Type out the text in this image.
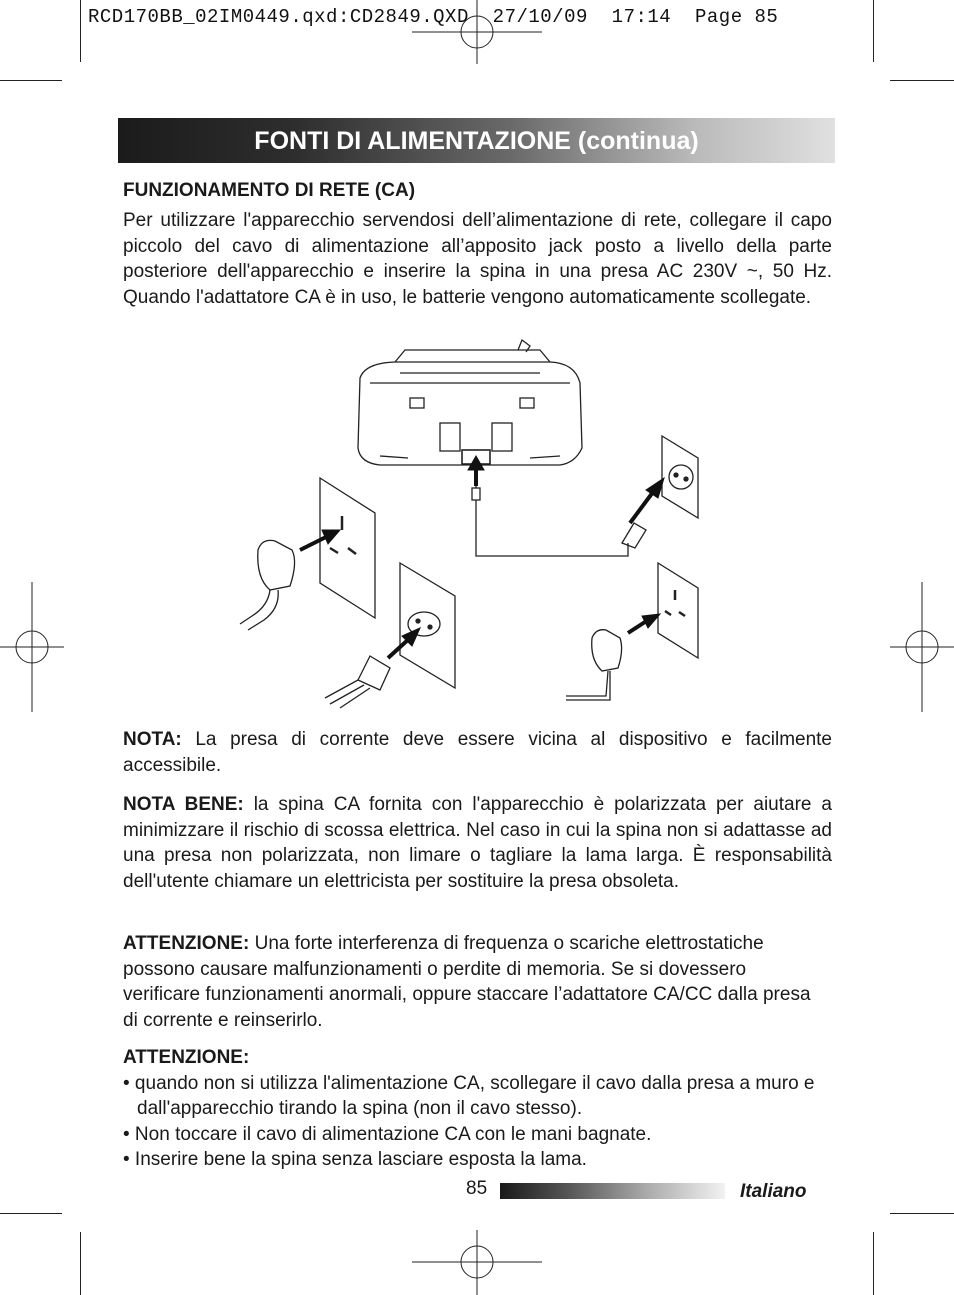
RCD170BB_02IM0449.qxd:CD2849.QXD  27/10/09  17:14  Page 85
FONTI DI ALIMENTAZIONE (continua)
FUNZIONAMENTO DI RETE (CA)
Per utilizzare l'apparecchio servendosi dell’alimentazione di rete, collegare il capo piccolo del cavo di alimentazione all’apposito jack posto a livello della parte posteriore dell'apparecchio e inserire la spina in una presa AC 230V ~, 50 Hz. Quando l'adattatore CA è in uso, le batterie vengono automaticamente scollegate.
NOTA: La presa di corrente deve essere vicina al dispositivo e facilmente accessibile.
NOTA BENE: la spina CA fornita con l'apparecchio è polarizzata per aiutare a minimizzare il rischio di scossa elettrica. Nel caso in cui la spina non si adattasse ad una presa non polarizzata, non limare o tagliare la lama larga. È responsabilità dell'utente chiamare un elettricista per sostituire la presa obsoleta.
ATTENZIONE: Una forte interferenza di frequenza o scariche elettrostatiche possono causare malfunzionamenti o perdite di memoria. Se si dovessero verificare funzionamenti anormali, oppure staccare l’adattatore CA/CC dalla presa di corrente e reinserirlo.
ATTENZIONE:
• quando non si utilizza l'alimentazione CA, scollegare il cavo dalla presa a muro e dall'apparecchio tirando la spina (non il cavo stesso).
• Non toccare il cavo di alimentazione CA con le mani bagnate.
• Inserire bene la spina senza lasciare esposta la lama.
85	Italiano
